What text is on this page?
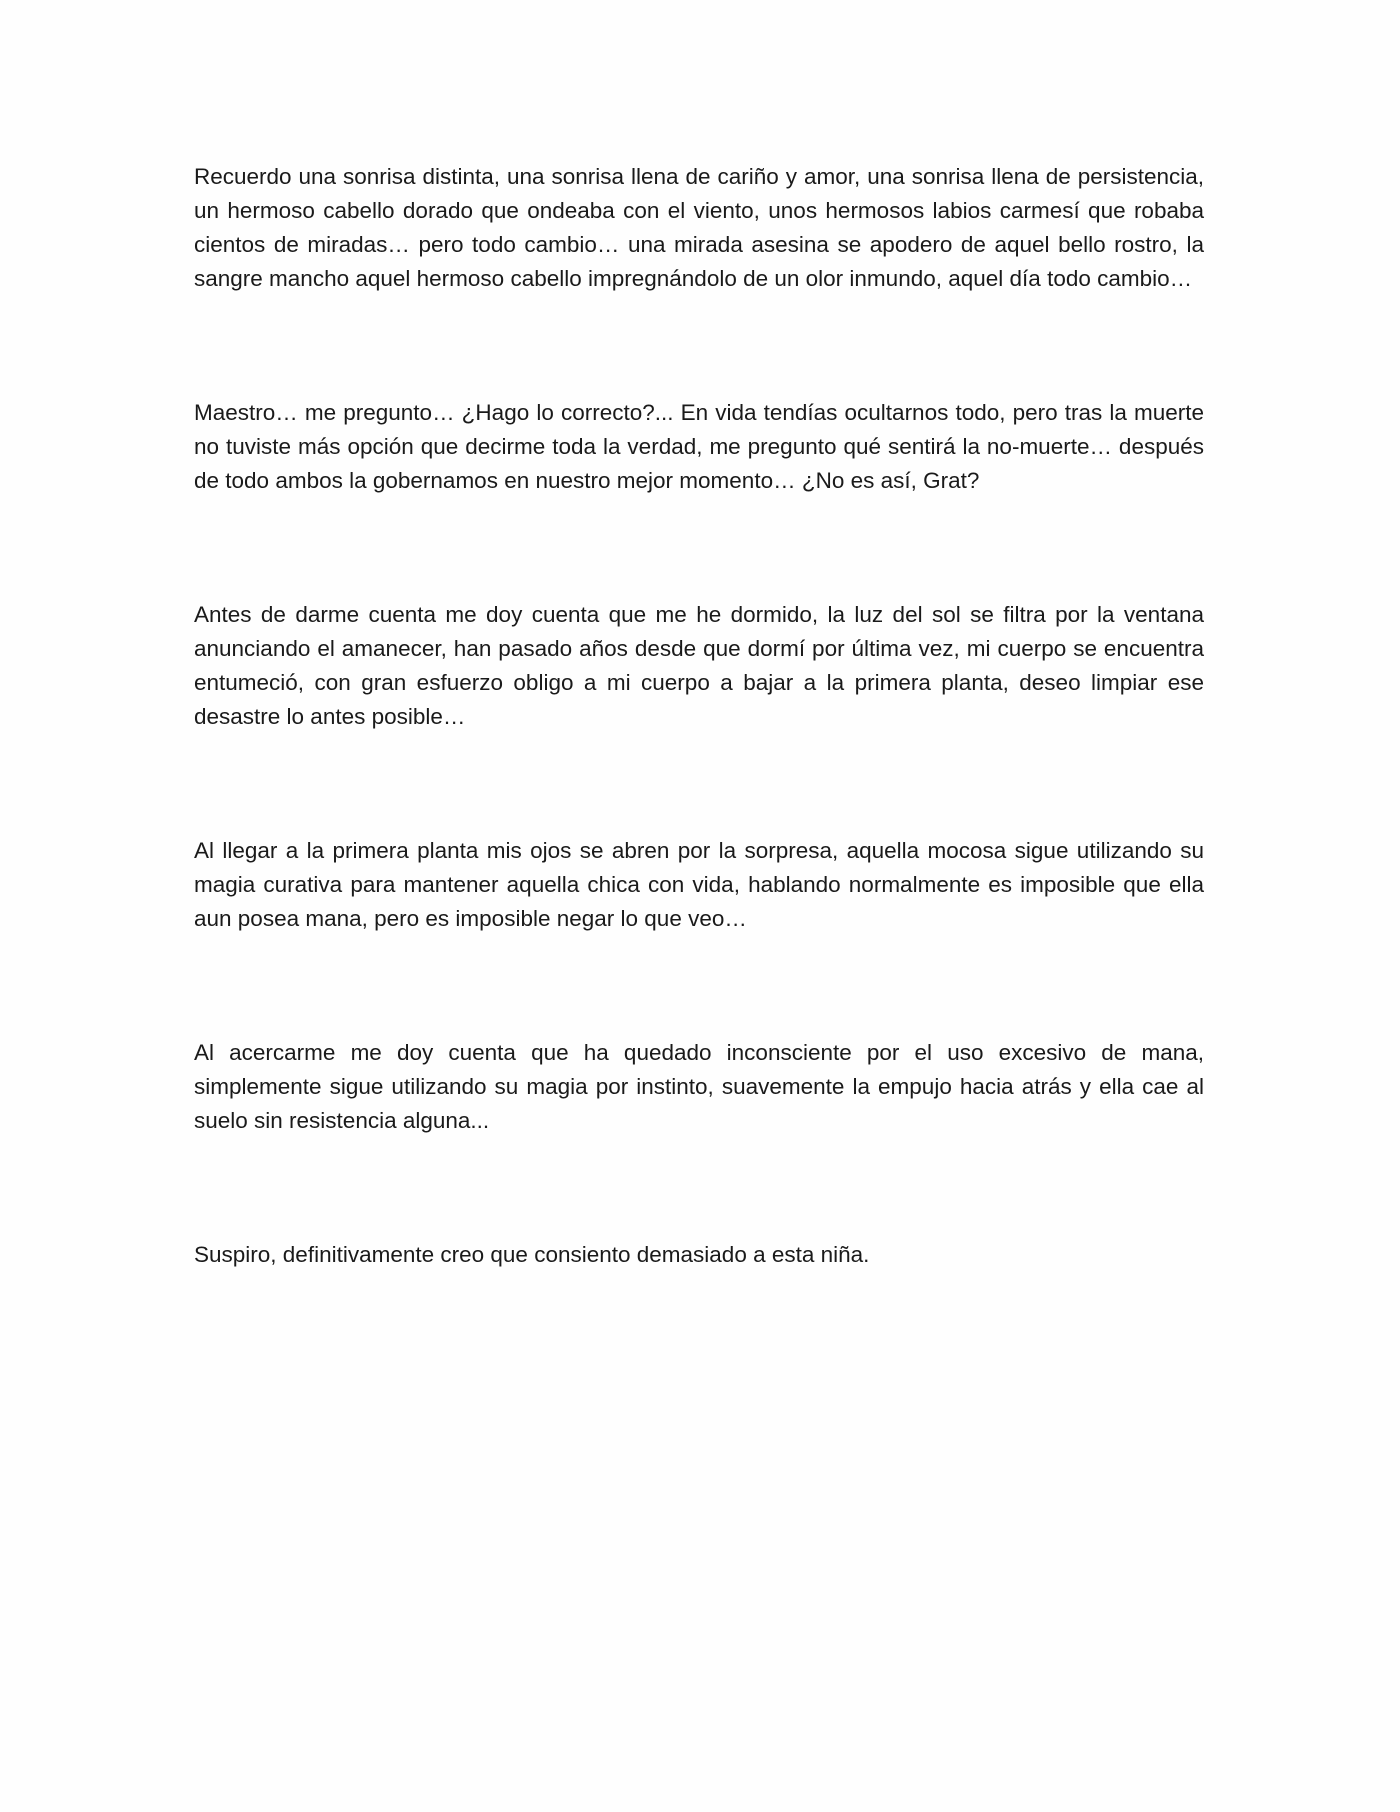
Recuerdo una sonrisa distinta, una sonrisa llena de cariño y amor, una sonrisa llena de persistencia, un hermoso cabello dorado que ondeaba con el viento, unos hermosos labios carmesí que robaba cientos de miradas… pero todo cambio… una mirada asesina se apodero de aquel bello rostro, la sangre mancho aquel hermoso cabello impregnándolo de un olor inmundo, aquel día todo cambio…

Maestro… me pregunto… ¿Hago lo correcto?... En vida tendías ocultarnos todo, pero tras la muerte no tuviste más opción que decirme toda la verdad, me pregunto qué sentirá la no-muerte… después de todo ambos la gobernamos en nuestro mejor momento… ¿No es así, Grat?

Antes de darme cuenta me doy cuenta que me he dormido, la luz del sol se filtra por la ventana anunciando el amanecer, han pasado años desde que dormí por última vez, mi cuerpo se encuentra entumeció, con gran esfuerzo obligo a mi cuerpo a bajar a la primera planta, deseo limpiar ese desastre lo antes posible…

Al llegar a la primera planta mis ojos se abren por la sorpresa, aquella mocosa sigue utilizando su magia curativa para mantener aquella chica con vida, hablando normalmente es imposible que ella aun posea mana, pero es imposible negar lo que veo…

Al acercarme me doy cuenta que ha quedado inconsciente por el uso excesivo de mana, simplemente sigue utilizando su magia por instinto, suavemente la empujo hacia atrás y ella cae al suelo sin resistencia alguna...

Suspiro, definitivamente creo que consiento demasiado a esta niña.
